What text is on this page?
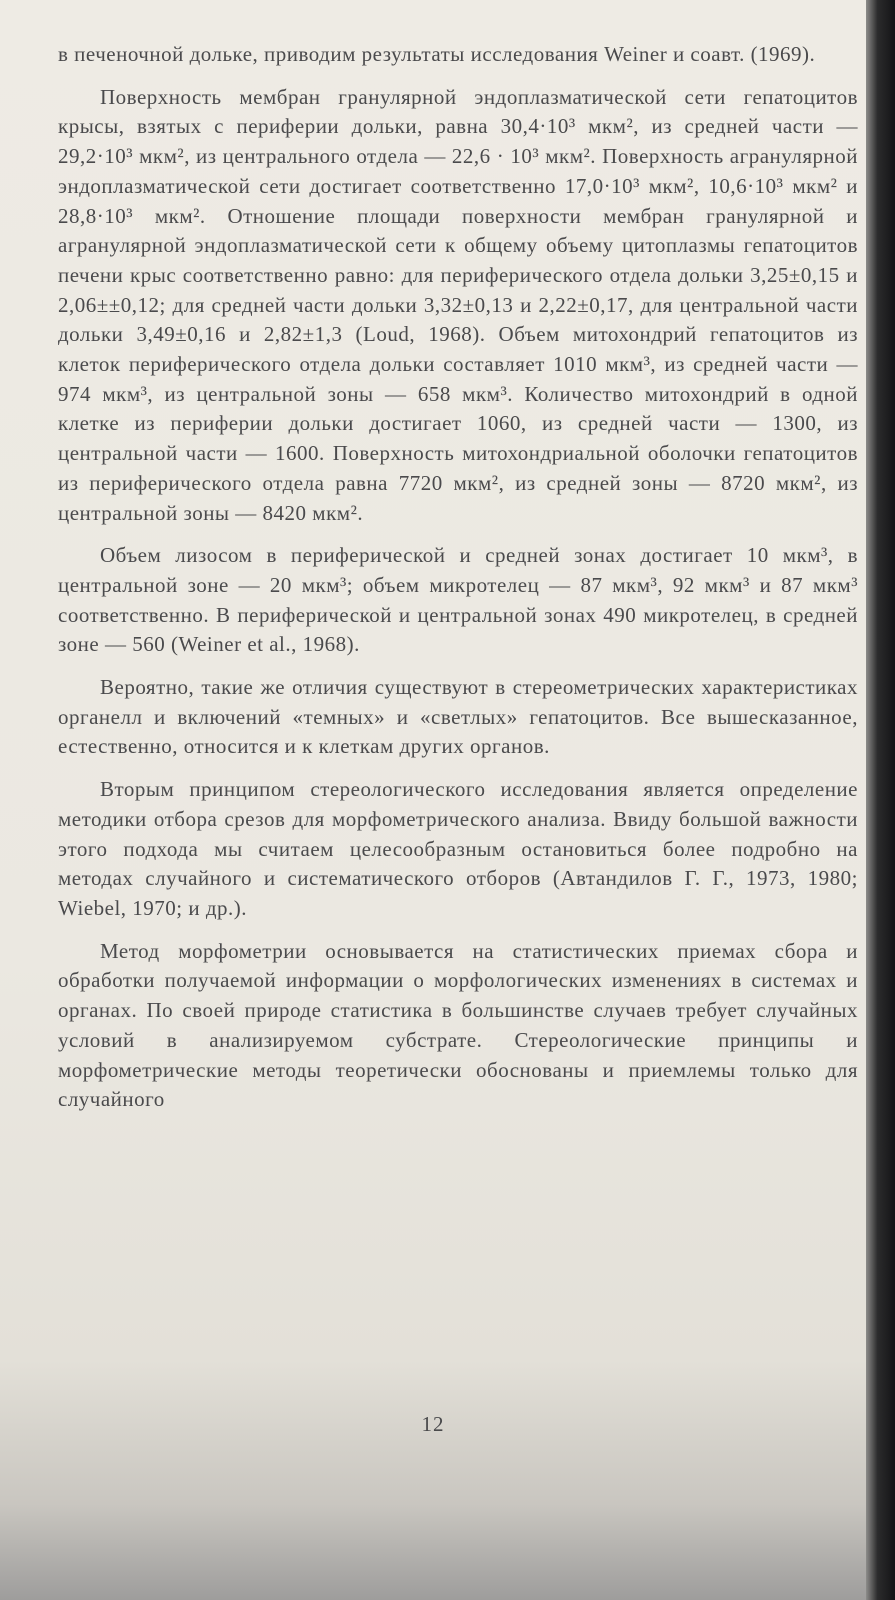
в печеночной дольке, приводим результаты исследования Weiner и соавт. (1969).

Поверхность мембран гранулярной эндоплазматической сети гепатоцитов крысы, взятых с периферии дольки, равна 30,4·10³ мкм², из средней части — 29,2·10³ мкм², из центрального отдела — 22,6 · 10³ мкм². Поверхность агранулярной эндоплазматической сети достигает соответственно 17,0·10³ мкм², 10,6·10³ мкм² и 28,8·10³ мкм². Отношение площади поверхности мембран гранулярной и агранулярной эндоплазматической сети к общему объему цитоплазмы гепатоцитов печени крыс соответственно равно: для периферического отдела дольки 3,25±0,15 и 2,06±±0,12; для средней части дольки 3,32±0,13 и 2,22±0,17, для центральной части дольки 3,49±0,16 и 2,82±1,3 (Loud, 1968). Объем митохондрий гепатоцитов из клеток периферического отдела дольки составляет 1010 мкм³, из средней части — 974 мкм³, из центральной зоны — 658 мкм³. Количество митохондрий в одной клетке из периферии дольки достигает 1060, из средней части — 1300, из центральной части — 1600. Поверхность митохондриальной оболочки гепатоцитов из периферического отдела равна 7720 мкм², из средней зоны — 8720 мкм², из центральной зоны — 8420 мкм².

Объем лизосом в периферической и средней зонах достигает 10 мкм³, в центральной зоне — 20 мкм³; объем микротелец — 87 мкм³, 92 мкм³ и 87 мкм³ соответственно. В периферической и центральной зонах 490 микротелец, в средней зоне — 560 (Weiner et al., 1968).

Вероятно, такие же отличия существуют в стереометрических характеристиках органелл и включений «темных» и «светлых» гепатоцитов. Все вышесказанное, естественно, относится и к клеткам других органов.

Вторым принципом стереологического исследования является определение методики отбора срезов для морфометрического анализа. Ввиду большой важности этого подхода мы считаем целесообразным остановиться более подробно на методах случайного и систематического отборов (Автандилов Г. Г., 1973, 1980; Wiebel, 1970; и др.).

Метод морфометрии основывается на статистических приемах сбора и обработки получаемой информации о морфологических изменениях в системах и органах. По своей природе статистика в большинстве случаев требует случайных условий в анализируемом субстрате. Стереологические принципы и морфометрические методы теоретически обоснованы и приемлемы только для случайного

12
